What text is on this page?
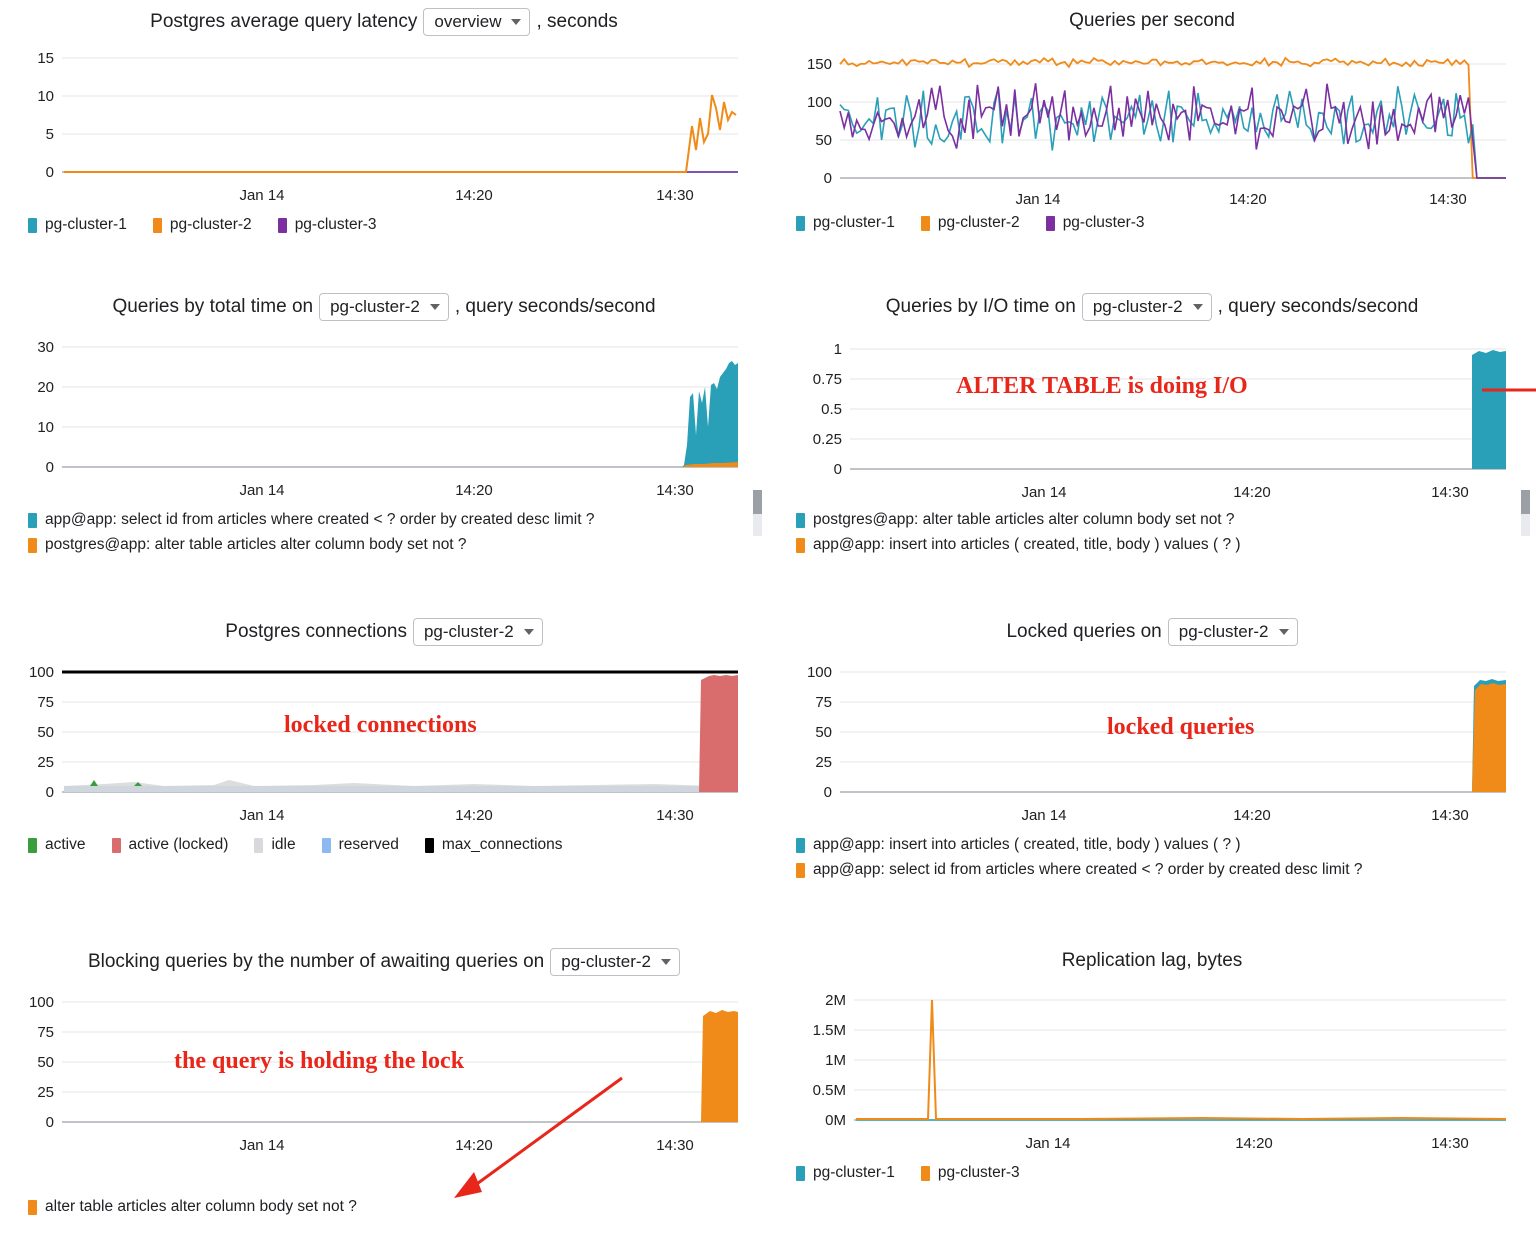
Postgres average query latency overview , seconds
15
10
5
0
Jan 14	14:20	14:30
pg-cluster-1	pg-cluster-2	pg-cluster-3
Queries per second
150
100
50
0
Jan 14	14:20	14:30
pg-cluster-1	pg-cluster-2	pg-cluster-3
Queries by total time on pg-cluster-2 , query seconds/second
30
20
10
0
Jan 14	14:20	14:30
app@app: select id from articles where created < ? order by created desc limit ?
postgres@app: alter table articles alter column body set not ?
Queries by I/O time on pg-cluster-2 , query seconds/second
1
0.75
0.5
0.25
0
Jan 14	14:20	14:30
ALTER TABLE is doing I/O
postgres@app: alter table articles alter column body set not ?
app@app: insert into articles ( created, title, body ) values ( ? )
Postgres connections pg-cluster-2
100
75
50
25
0
Jan 14	14:20	14:30
locked connections
active	active (locked)	idle	reserved	max_connections
Locked queries on pg-cluster-2
100
75
50
25
0
Jan 14	14:20	14:30
locked queries
app@app: insert into articles ( created, title, body ) values ( ? )
app@app: select id from articles where created < ? order by created desc limit ?
Blocking queries by the number of awaiting queries on pg-cluster-2
100
75
50
25
0
Jan 14	14:20	14:30
the query is holding the lock
alter table articles alter column body set not ?
Replication lag, bytes
2M
1.5M
1M
0.5M
0M
Jan 14	14:20	14:30
pg-cluster-1	pg-cluster-3
